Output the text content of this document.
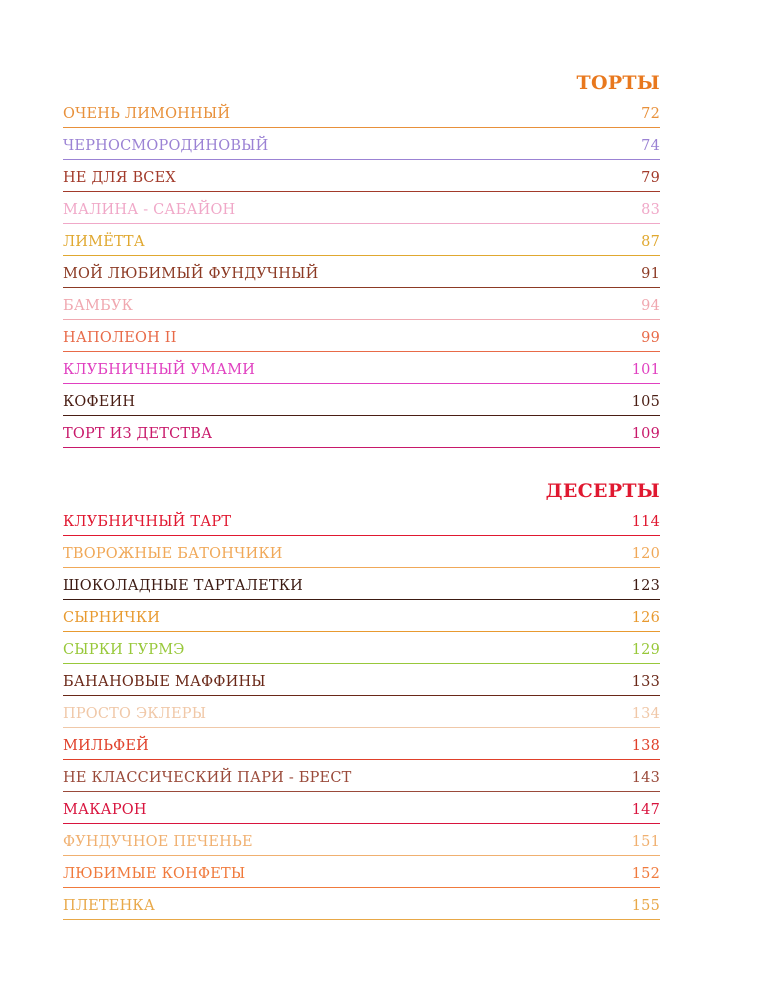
ТОРТЫ
ОЧЕНЬ ЛИМОННЫЙ	72
ЧЕРНОСМОРОДИНОВЫЙ	74
НЕ ДЛЯ ВСЕХ	79
МАЛИНА - САБАЙОН	83
ЛИМЁТТА	87
МОЙ ЛЮБИМЫЙ ФУНДУЧНЫЙ	91
БАМБУК	94
НАПОЛЕОН II	99
КЛУБНИЧНЫЙ УМАМИ	101
КОФЕИН	105
ТОРТ ИЗ ДЕТСТВА	109
ДЕСЕРТЫ
КЛУБНИЧНЫЙ ТАРТ	114
ТВОРОЖНЫЕ БАТОНЧИКИ	120
ШОКОЛАДНЫЕ ТАРТАЛЕТКИ	123
СЫРНИЧКИ	126
СЫРКИ ГУРМЭ	129
БАНАНОВЫЕ МАФФИНЫ	133
ПРОСТО ЭКЛЕРЫ	134
МИЛЬФЕЙ	138
НЕ КЛАССИЧЕСКИЙ ПАРИ - БРЕСТ	143
МАКАРОН	147
ФУНДУЧНОЕ ПЕЧЕНЬЕ	151
ЛЮБИМЫЕ КОНФЕТЫ	152
ПЛЕТЕНКА	155
